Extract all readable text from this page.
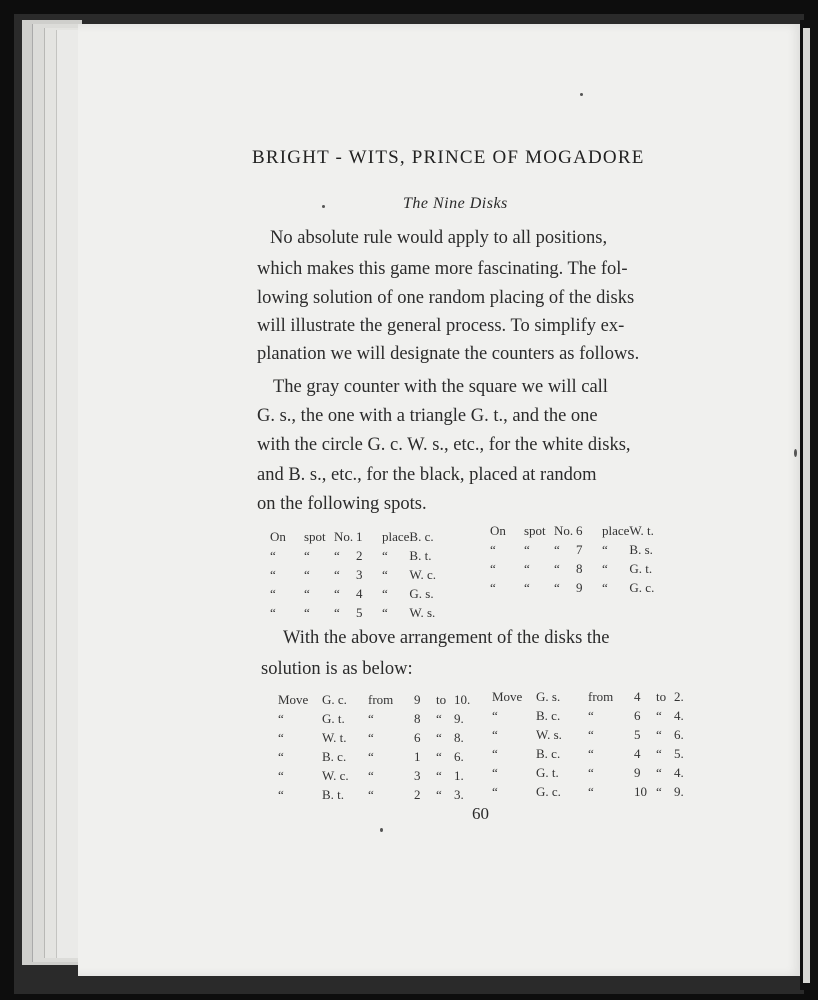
BRIGHT - WITS, PRINCE OF MOGADORE
The Nine Disks
No absolute rule would apply to all positions,
which makes this game more fascinating. The fol-
lowing solution of one random placing of the disks
will illustrate the general process. To simplify ex-
planation we will designate the counters as follows.
The gray counter with the square we will call
G. s., the one with a triangle G. t., and the one
with the circle G. c. W. s., etc., for the white disks,
and B. s., etc., for the black, placed at random
on the following spots.
On	spot	No.	1	place	B. c.
“	“	“	2	“	B. t.
“	“	“	3	“	W. c.
“	“	“	4	“	G. s.
“	“	“	5	“	W. s.
On	spot	No.	6	place	W. t.
“	“	“	7	“	B. s.
“	“	“	8	“	G. t.
“	“	“	9	“	G. c.
With the above arrangement of the disks the
solution is as below:
Move	G. c.	from	9	to	10.
“	G. t.	“	8	“	9.
“	W. t.	“	6	“	8.
“	B. c.	“	1	“	6.
“	W. c.	“	3	“	1.
“	B. t.	“	2	“	3.
Move	G. s.	from	4	to	2.
“	B. c.	“	6	“	4.
“	W. s.	“	5	“	6.
“	B. c.	“	4	“	5.
“	G. t.	“	9	“	4.
“	G. c.	“	10	“	9.
60
